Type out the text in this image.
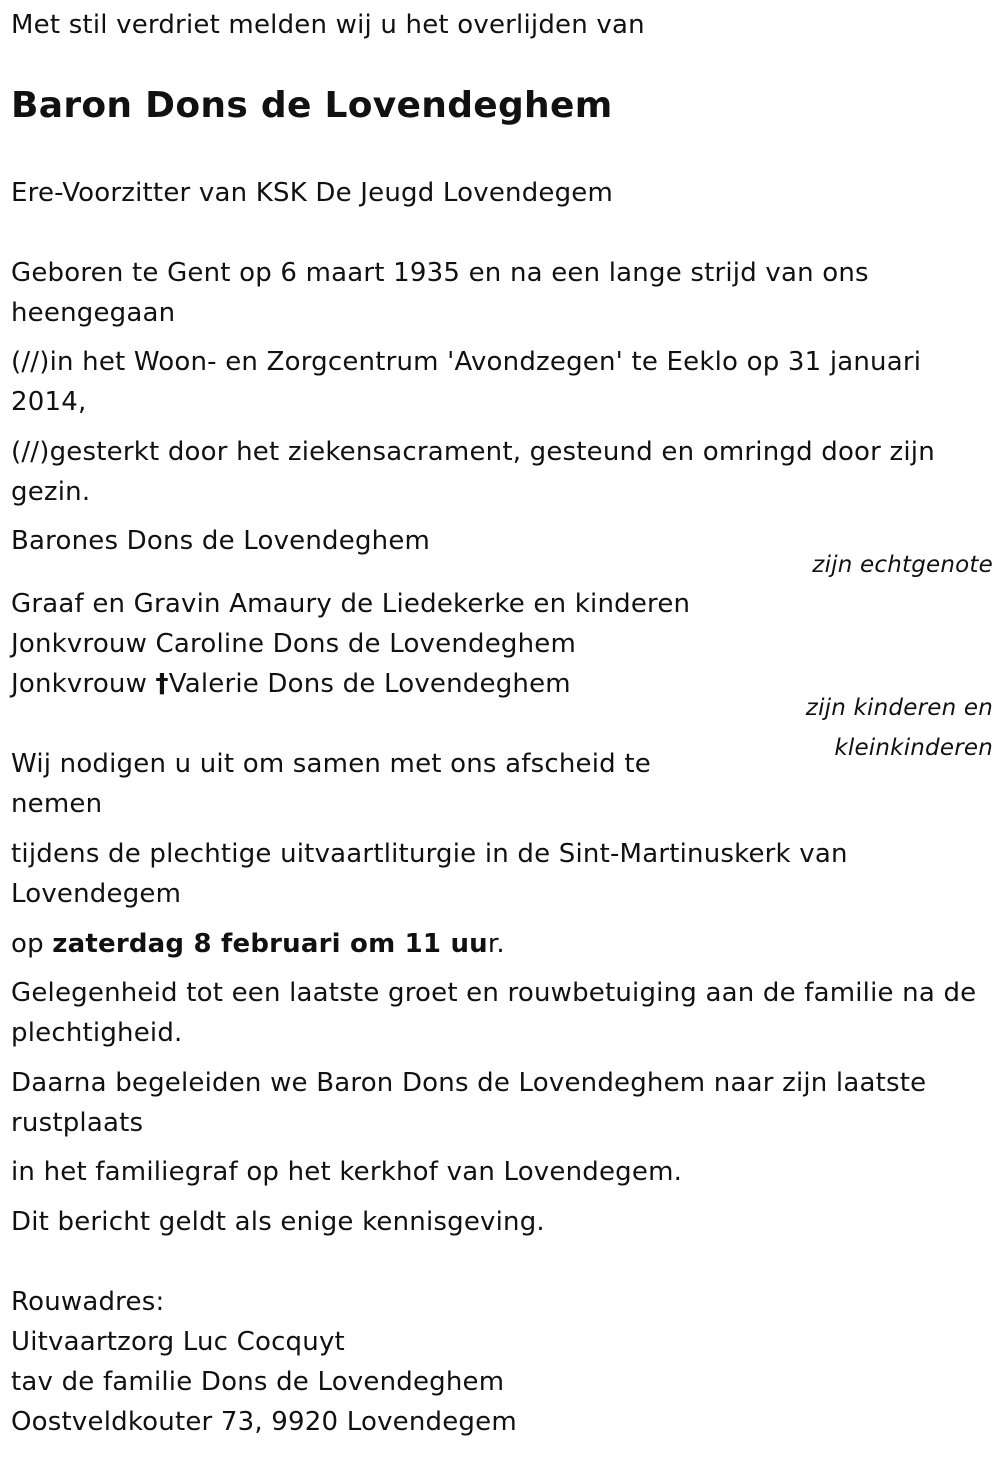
Met stil verdriet melden wij u het overlijden van
Baron Dons de Lovendeghem
Ere-Voorzitter van KSK De Jeugd Lovendegem
Geboren te Gent op 6 maart 1935 en na een lange strijd van ons
heengegaan
(//)in het Woon- en Zorgcentrum 'Avondzegen' te Eeklo op 31 januari
2014,
(//)gesterkt door het ziekensacrament, gesteund en omringd door zijn
gezin.
Barones Dons de Lovendeghem
zijn echtgenote
Graaf en Gravin Amaury de Liedekerke en kinderen
Jonkvrouw Caroline Dons de Lovendeghem
Jonkvrouw †Valerie Dons de Lovendeghem
zijn kinderen en
kleinkinderen
Wij nodigen u uit om samen met ons afscheid te
nemen
tijdens de plechtige uitvaartliturgie in de Sint-Martinuskerk van
Lovendegem
op zaterdag 8 februari om 11 uur.
Gelegenheid tot een laatste groet en rouwbetuiging aan de familie na de
plechtigheid.
Daarna begeleiden we Baron Dons de Lovendeghem naar zijn laatste
rustplaats
in het familiegraf op het kerkhof van Lovendegem.
Dit bericht geldt als enige kennisgeving.
Rouwadres:
Uitvaartzorg Luc Cocquyt
tav de familie Dons de Lovendeghem
Oostveldkouter 73, 9920 Lovendegem
